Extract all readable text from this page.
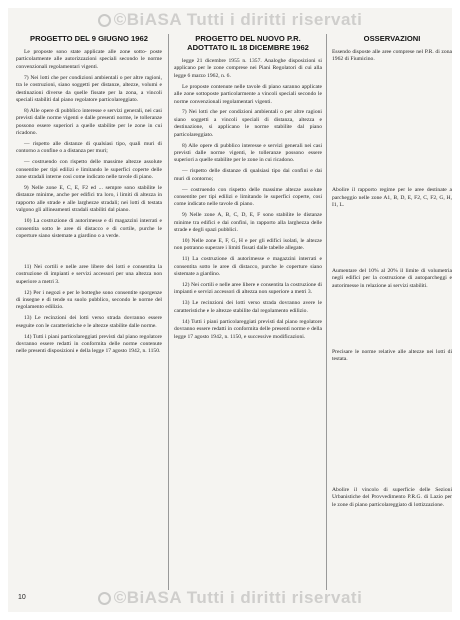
©BiASA Tutti i diritti riservati
PROGETTO DEL 9 GIUGNO 1962

Le proposte sono state applicate alle zone sotto- poste particolarmente alle autorizzazioni speciali secondo le norme convenzionali regolamentari vigenti.

7) Nei lotti che per condizioni ambientali o per altre ragioni, tra le costruzioni, siano soggetti per distanze, altezze, volumi e destinazioni diverse da quelle fissate per la zona, a vincoli speciali stabiliti dal piano regolatore particolareggiato.

8) Alle opere di pubblico interesse e servizi generali, nei casi previsti dalle norme vigenti e dalle presenti norme, le tolleranze possono essere superiori a quelle stabilite per le zone in cui ricadono.

— rispetto alle distanze di qualsiasi tipo, quali muri di contorno a confine o a distanza per muri;

— costruendo con rispetto delle massime altezze assolute consentite per tipi edilizi e limitando le superfici coperte delle zone stradali interne cosi come indicato nelle tavole di piano.

9) Nelle zone E, C, E, F2 ed ... sempre sono stabilite le distanze minime, anche per edifici tra loro, i limiti di altezza in rapporto alle strade e alle larghezze stradali; nei lotti di testata valgono gli allineamenti stradali stabiliti dal piano.

10) La costruzione di autorimesse e di magazzini interrati e consentita sotto le aree di distacco e di cortile, purche le coperture siano sistemate a giardino o a verde.

11) Nei cortili e nelle aree libere dei lotti e consentita la costruzione di impianti e servizi accessori per una altezza non superiore a metri 3.

12) Per i negozi e per le botteghe sono consentite sporgenze di insegne e di tende su suolo pubblico, secondo le norme del regolamento edilizio.

13) Le recinzioni dei lotti verso strada dovranno essere eseguite con le caratteristiche e le altezze stabilite dalle norme.

14) Tutti i piani particolareggiati previsti dal piano regolatore dovranno essere redatti in conformita delle norme contenute nelle presenti disposizioni e della legge 17 agosto 1942, n. 1150.

PROGETTO DEL NUOVO P.R. ADOTTATO IL 18 DICEMBRE 1962

legge 21 dicembre 1955 n. 1357. Analoghe disposizioni si applicano per le zone comprese nei Piani Regolatori di cui alla legge 6 marzo 1962, n. 6.

Le proposte contenute nelle tavole di piano saranno applicate alle zone sottoposte particolarmente a vincoli speciali secondo le norme convenzionali regolamentari vigenti.

7) Nei lotti che per condizioni ambientali o per altre ragioni siano soggetti a vincoli speciali di distanza, altezza e destinazione, si applicano le norme stabilite dal piano particolareggiato.

8) Alle opere di pubblico interesse e servizi generali nei casi previsti dalle norme vigenti, le tolleranze possono essere superiori a quelle stabilite per le zone in cui ricadono.

— rispetto delle distanze di qualsiasi tipo dai confini e dai muri di contorno;

— costruendo con rispetto delle massime altezze assolute consentite per tipi edilizi e limitando le superfici coperte, cosi come indicato nelle tavole di piano.

9) Nelle zone A, B, C, D, E, F sono stabilite le distanze minime tra edifici e dai confini, in rapporto alla larghezza delle strade e degli spazi pubblici.

10) Nelle zone E, F, G, H e per gli edifici isolati, le altezze non potranno superare i limiti fissati dalle tabelle allegate.

11) La costruzione di autorimesse e magazzini interrati e consentita sotto le aree di distacco, purche le coperture siano sistemate a giardino.

12) Nei cortili e nelle aree libere e consentita la costruzione di impianti e servizi accessori di altezza non superiore a metri 3.

13) Le recinzioni dei lotti verso strada dovranno avere le caratteristiche e le altezze stabilite dal regolamento edilizio.

14) Tutti i piani particolareggiati previsti dal piano regolatore dovranno essere redatti in conformita delle presenti norme e della legge 17 agosto 1942, n. 1150, e successive modificazioni.

OSSERVAZIONI

Essendo disposte alle aree comprese nel P.R. di zona 1962 di Fiumicino.

Abolire il rapporto regime per le aree destinate a parcheggio nelle zone A1, B, D, E, F2, C, F2, G, H, I1, L.

Aumentare del 10% al 20% il limite di volumetria negli edifici per la costruzione di autoparcheggi e autorimesse in relazione ai servizi stabiliti.

Precisare le norme relative alle altezze nei lotti di testata.

Abolire il vincolo di superficie delle Sezioni Urbanistiche del Provvedimento P.R.G. di Lazio per le zone di piano particolareggiato di lottizzazione.

10	©BiASA Tutti i diritti riservati
